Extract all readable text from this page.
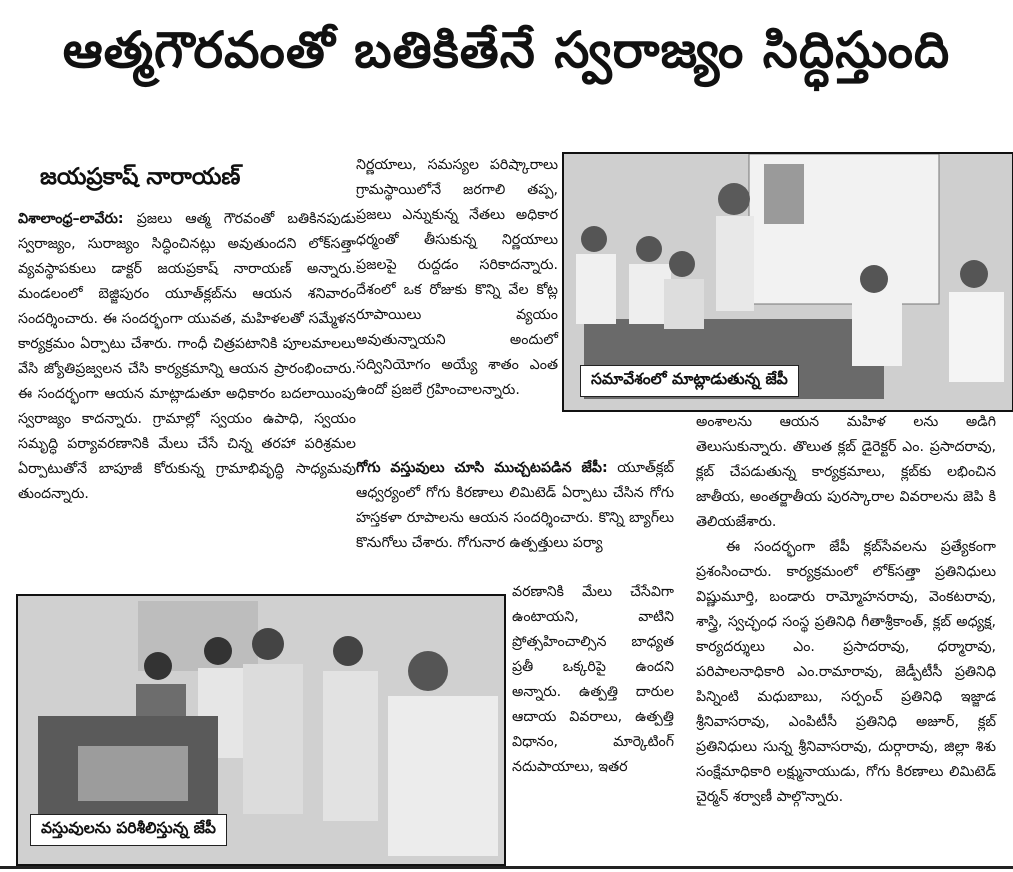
ఆత్మగౌరవంతో బతికితేనే స్వరాజ్యం సిద్ధిస్తుంది
జయప్రకాష్‌ నారాయణ్‌

విశాలాంధ్ర–లావేరు: ప్రజలు ఆత్మ గౌరవంతో బతికినపుడు స్వరాజ్యం, సురాజ్యం సిద్ధించినట్లు అవుతుందని లోక్‌సత్తా వ్యవస్థాపకులు డాక్టర్‌ జయప్రకాష్‌ నారాయణ్‌ అన్నారు. మండలంలో బెజ్జిపురం యూత్‌క్లబ్‌ను ఆయన శనివారం సందర్శించారు. ఈ సందర్భంగా యువత, మహిళలతో సమ్మేళన కార్యక్రమం ఏర్పాటు చేశారు. గాంధీ చిత్రపటానికి పూలమాలలు వేసి జ్యోతిప్రజ్వలన చేసి కార్యక్రమాన్ని ఆయన ప్రారంభించారు. ఈ సందర్భంగా ఆయన మాట్లాడుతూ అధికారం బదలాయింపు స్వరాజ్యం కాదన్నారు. గ్రామాల్లో స్వయం ఉపాధి, స్వయం సమృద్ధి పర్యావరణానికి మేలు చేసే చిన్న తరహా పరిశ్రమల ఏర్పాటుతోనే బాపూజీ కోరుకున్న గ్రామాభివృద్ధి సాధ్యమవు తుందన్నారు.

నిర్ణయాలు, సమస్యల పరిష్కారాలు గ్రామస్థాయిలోనే జరగాలి తప్ప, ప్రజలు ఎన్నుకున్న నేతలు అధికార ధర్మంతో తీసుకున్న నిర్ణయాలు ప్రజలపై రుద్దడం సరికాదన్నారు. దేశంలో ఒక రోజుకు కొన్ని వేల కోట్ల రూపాయిలు వ్యయం అవుతున్నాయని అందులో సద్వినియోగం అయ్యే శాతం ఎంత ఉందో ప్రజలే గ్రహించాలన్నారు.

గోగు వస్తువులు చూసి ముచ్చటపడిన జేపీ: యూత్‌క్లబ్‌ ఆధ్వర్యంలో గోగు కిరణాలు లిమిటెడ్‌ ఏర్పాటు చేసిన గోగు హస్తకళా రూపాలను ఆయన సందర్శించారు. కొన్ని బ్యాగ్‌లు కొనుగోలు చేశారు. గోగునార ఉత్పత్తులు పర్యా

వరణానికి మేలు చేసేవిగా ఉంటాయని, వాటిని ప్రోత్సహించాల్సిన బాధ్యత ప్రతీ ఒక్కరిపై ఉందని అన్నారు. ఉత్పత్తి దారుల ఆదాయ వివరాలు, ఉత్పత్తి విధానం, మార్కెటింగ్‌ నదుపాయాలు, ఇతర

అంశాలను ఆయన మహిళ లను అడిగి తెలుసుకున్నారు. తొలుత క్లబ్‌ డైరెక్టర్‌ ఎం. ప్రసాదరావు, క్లబ్‌ చేపడుతున్న కార్యక్రమాలు, క్లబ్‌కు లభించిన జాతీయ, అంతర్జాతీయ పురస్కారాల వివరాలను జెపి కి తెలియజేశారు.

ఈ సందర్భంగా జేపీ క్లబ్‌సేవలను ప్రత్యేకంగా ప్రశంసించారు. కార్యక్రమంలో లోక్‌సత్తా ప్రతినిధులు విష్ణుమూర్తి, బండారు రామ్మోహనరావు, వెంకటరావు, శాస్త్రి, స్వచ్ఛంధ సంస్థ ప్రతినిధి గీతాశ్రీకాంత్‌, క్లబ్‌ అధ్యక్ష, కార్యదర్శులు ఎం. ప్రసాదరావు, ధర్మారావు, పరిపాలనాధికారి ఎం.రామారావు, జెడ్పీటీసీ ప్రతినిధి పిన్నింటి మధుబాబు, సర్పంచ్‌ ప్రతినిధి ఇజ్జాడ శ్రీనివాసరావు, ఎంపిటీసీ ప్రతినిధి అజూర్‌, క్లబ్‌ ప్రతినిధులు సున్న శ్రీనివాసరావు, దుర్గారావు, జిల్లా శిశు సంక్షేమాధికారి లక్ష్మునాయుడు, గోగు కిరణాలు లిమిటెడ్‌ చైర్మన్‌ శర్వాణీ పాల్గొన్నారు.

సమావేశంలో మాట్లాడుతున్న జేపీ
వస్తువులను పరిశీలిస్తున్న జేపీ
